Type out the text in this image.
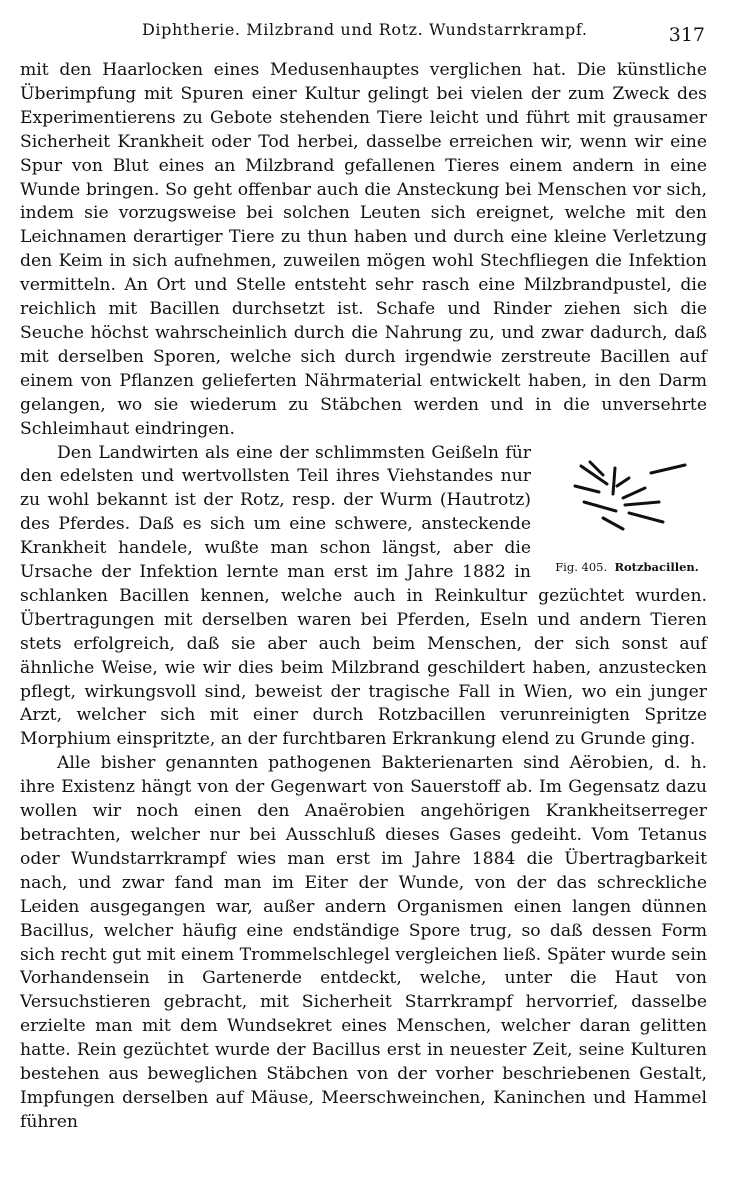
Diphtherie. Milzbrand und Rotz. Wundstarrkrampf.	317

mit den Haarlocken eines Medusenhauptes verglichen hat. Die künstliche Überimpfung mit Spuren einer Kultur gelingt bei vielen der zum Zweck des Experimentierens zu Gebote stehenden Tiere leicht und führt mit grausamer Sicherheit Krankheit oder Tod herbei, dasselbe erreichen wir, wenn wir eine Spur von Blut eines an Milzbrand gefallenen Tieres einem andern in eine Wunde bringen. So geht offenbar auch die Ansteckung bei Menschen vor sich, indem sie vorzugsweise bei solchen Leuten sich ereignet, welche mit den Leichnamen derartiger Tiere zu thun haben und durch eine kleine Verletzung den Keim in sich aufnehmen, zuweilen mögen wohl Stechfliegen die Infektion vermitteln. An Ort und Stelle entsteht sehr rasch eine Milzbrandpustel, die reichlich mit Bacillen durchsetzt ist. Schafe und Rinder ziehen sich die Seuche höchst wahrscheinlich durch die Nahrung zu, und zwar dadurch, daß mit derselben Sporen, welche sich durch irgendwie zerstreute Bacillen auf einem von Pflanzen gelieferten Nährmaterial entwickelt haben, in den Darm gelangen, wo sie wiederum zu Stäbchen werden und in die unversehrte Schleimhaut eindringen.

Fig. 405. Rotzbacillen.

Den Landwirten als eine der schlimmsten Geißeln für den edelsten und wertvollsten Teil ihres Viehstandes nur zu wohl bekannt ist der Rotz, resp. der Wurm (Hautrotz) des Pferdes. Daß es sich um eine schwere, ansteckende Krankheit handele, wußte man schon längst, aber die Ursache der Infektion lernte man erst im Jahre 1882 in schlanken Bacillen kennen, welche auch in Reinkultur gezüchtet wurden. Übertragungen mit derselben waren bei Pferden, Eseln und andern Tieren stets erfolgreich, daß sie aber auch beim Menschen, der sich sonst auf ähnliche Weise, wie wir dies beim Milzbrand geschildert haben, anzustecken pflegt, wirkungsvoll sind, beweist der tragische Fall in Wien, wo ein junger Arzt, welcher sich mit einer durch Rotzbacillen verunreinigten Spritze Morphium einspritzte, an der furchtbaren Erkrankung elend zu Grunde ging.

Alle bisher genannten pathogenen Bakterienarten sind Aërobien, d. h. ihre Existenz hängt von der Gegenwart von Sauerstoff ab. Im Gegensatz dazu wollen wir noch einen den Anaërobien angehörigen Krankheitserreger betrachten, welcher nur bei Ausschluß dieses Gases gedeiht. Vom Tetanus oder Wundstarrkrampf wies man erst im Jahre 1884 die Übertragbarkeit nach, und zwar fand man im Eiter der Wunde, von der das schreckliche Leiden ausgegangen war, außer andern Organismen einen langen dünnen Bacillus, welcher häufig eine endständige Spore trug, so daß dessen Form sich recht gut mit einem Trommelschlegel vergleichen ließ. Später wurde sein Vorhandensein in Gartenerde entdeckt, welche, unter die Haut von Versuchstieren gebracht, mit Sicherheit Starrkrampf hervorrief, dasselbe erzielte man mit dem Wundsekret eines Menschen, welcher daran gelitten hatte. Rein gezüchtet wurde der Bacillus erst in neuester Zeit, seine Kulturen bestehen aus beweglichen Stäbchen von der vorher beschriebenen Gestalt, Impfungen derselben auf Mäuse, Meerschweinchen, Kaninchen und Hammel führen
